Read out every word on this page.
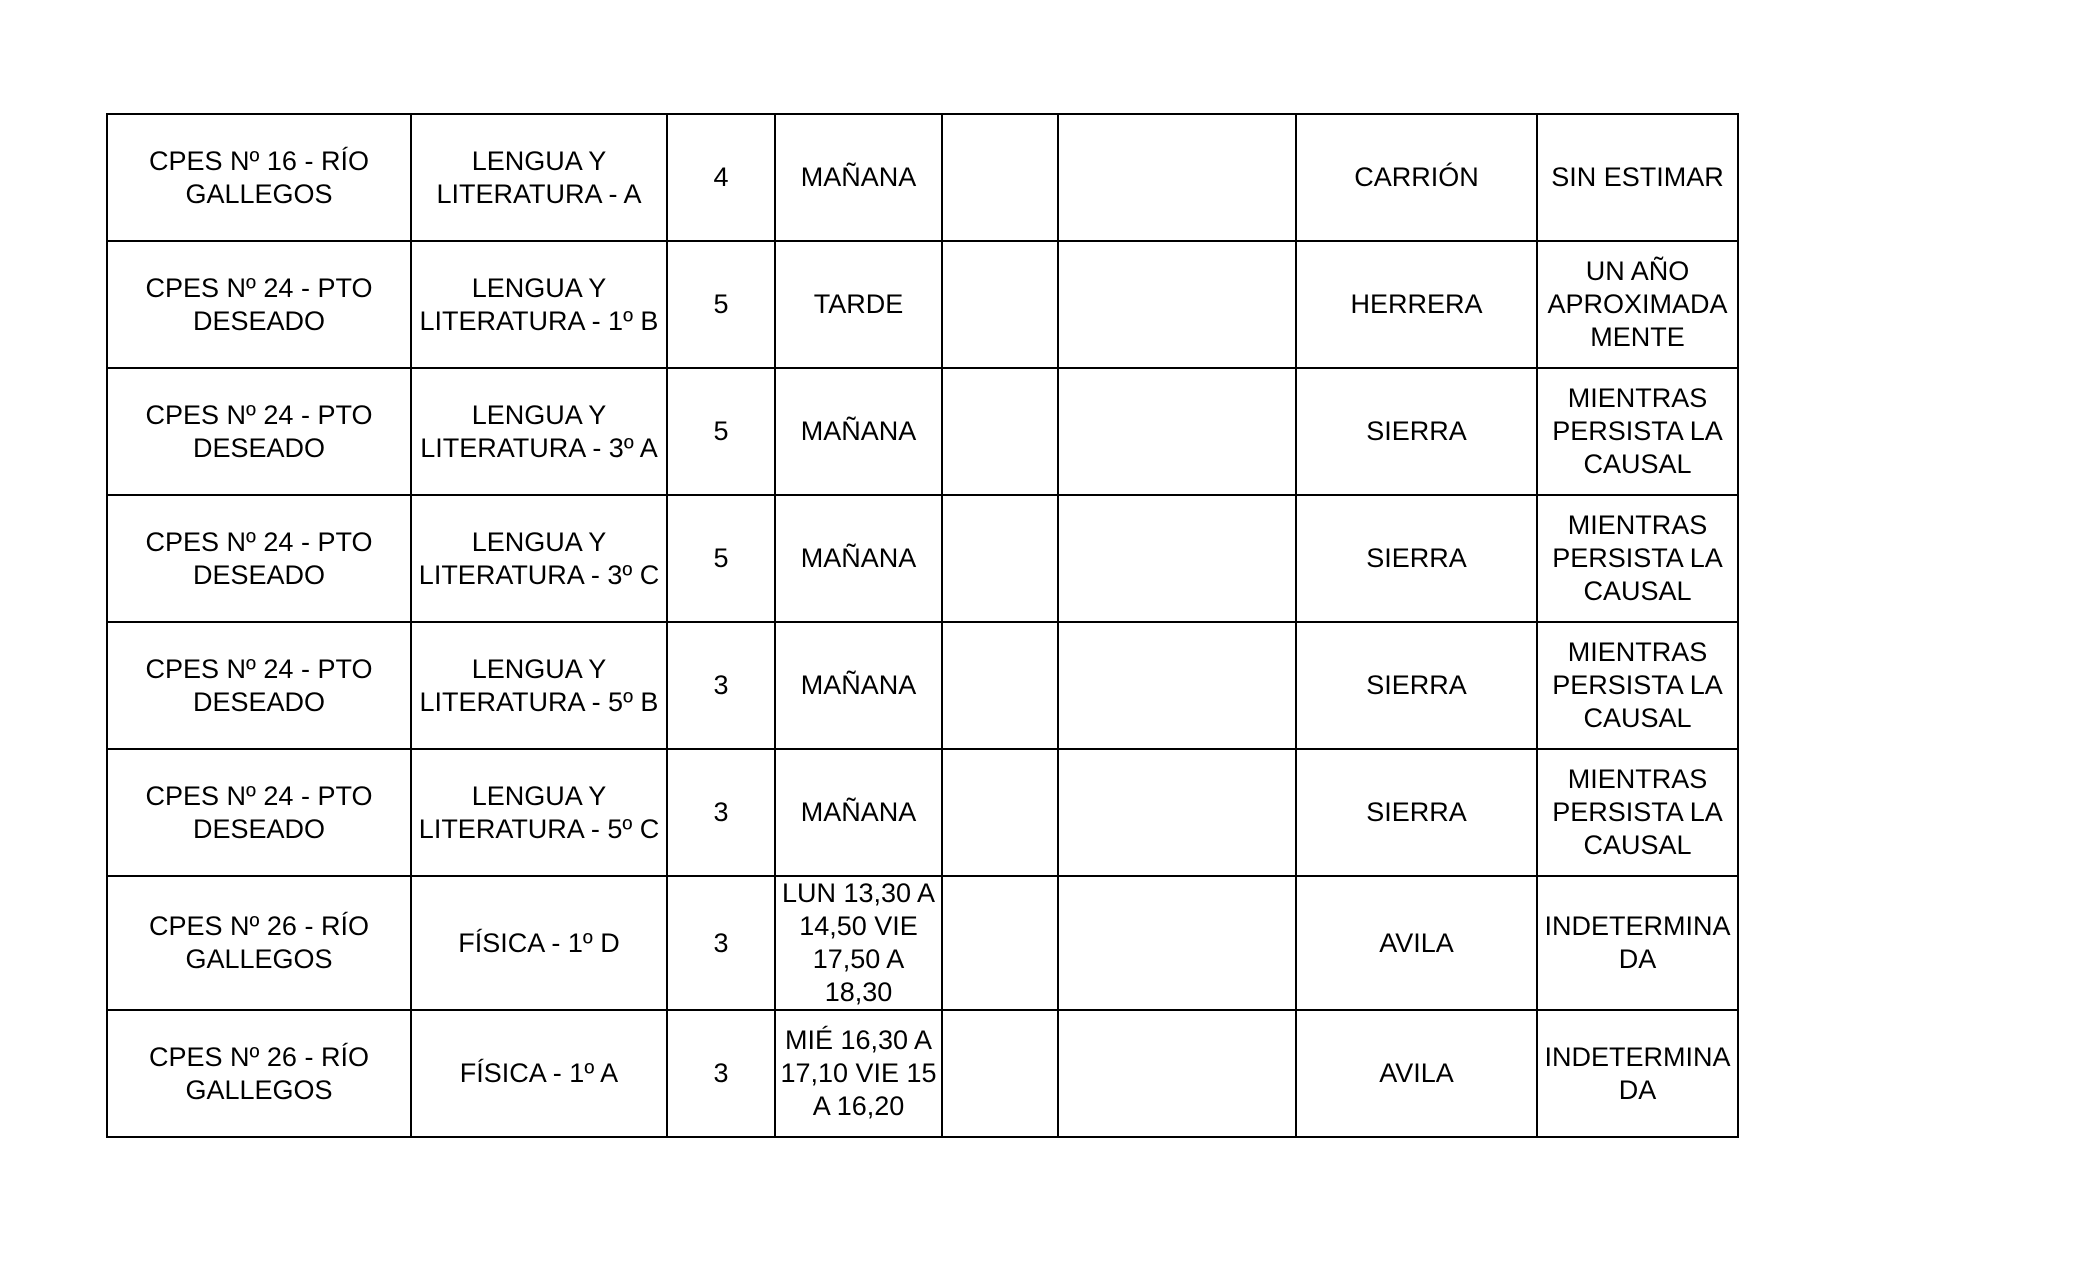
CPES Nº 16 - RÍO GALLEGOS	LENGUA Y LITERATURA - A	4	MAÑANA			CARRIÓN	SIN ESTIMAR
CPES Nº 24 - PTO DESEADO	LENGUA Y LITERATURA - 1º B	5	TARDE			HERRERA	UN AÑO APROXIMADA MENTE
CPES Nº 24 - PTO DESEADO	LENGUA Y LITERATURA - 3º A	5	MAÑANA			SIERRA	MIENTRAS PERSISTA LA CAUSAL
CPES Nº 24 - PTO DESEADO	LENGUA Y LITERATURA - 3º C	5	MAÑANA			SIERRA	MIENTRAS PERSISTA LA CAUSAL
CPES Nº 24 - PTO DESEADO	LENGUA Y LITERATURA - 5º B	3	MAÑANA			SIERRA	MIENTRAS PERSISTA LA CAUSAL
CPES Nº 24 - PTO DESEADO	LENGUA Y LITERATURA - 5º C	3	MAÑANA			SIERRA	MIENTRAS PERSISTA LA CAUSAL
CPES Nº 26 - RÍO GALLEGOS	FÍSICA - 1º D	3	LUN 13,30 A 14,50 VIE 17,50 A 18,30			AVILA	INDETERMINA DA
CPES Nº 26 - RÍO GALLEGOS	FÍSICA - 1º A	3	MIÉ 16,30 A 17,10 VIE 15 A 16,20			AVILA	INDETERMINA DA
